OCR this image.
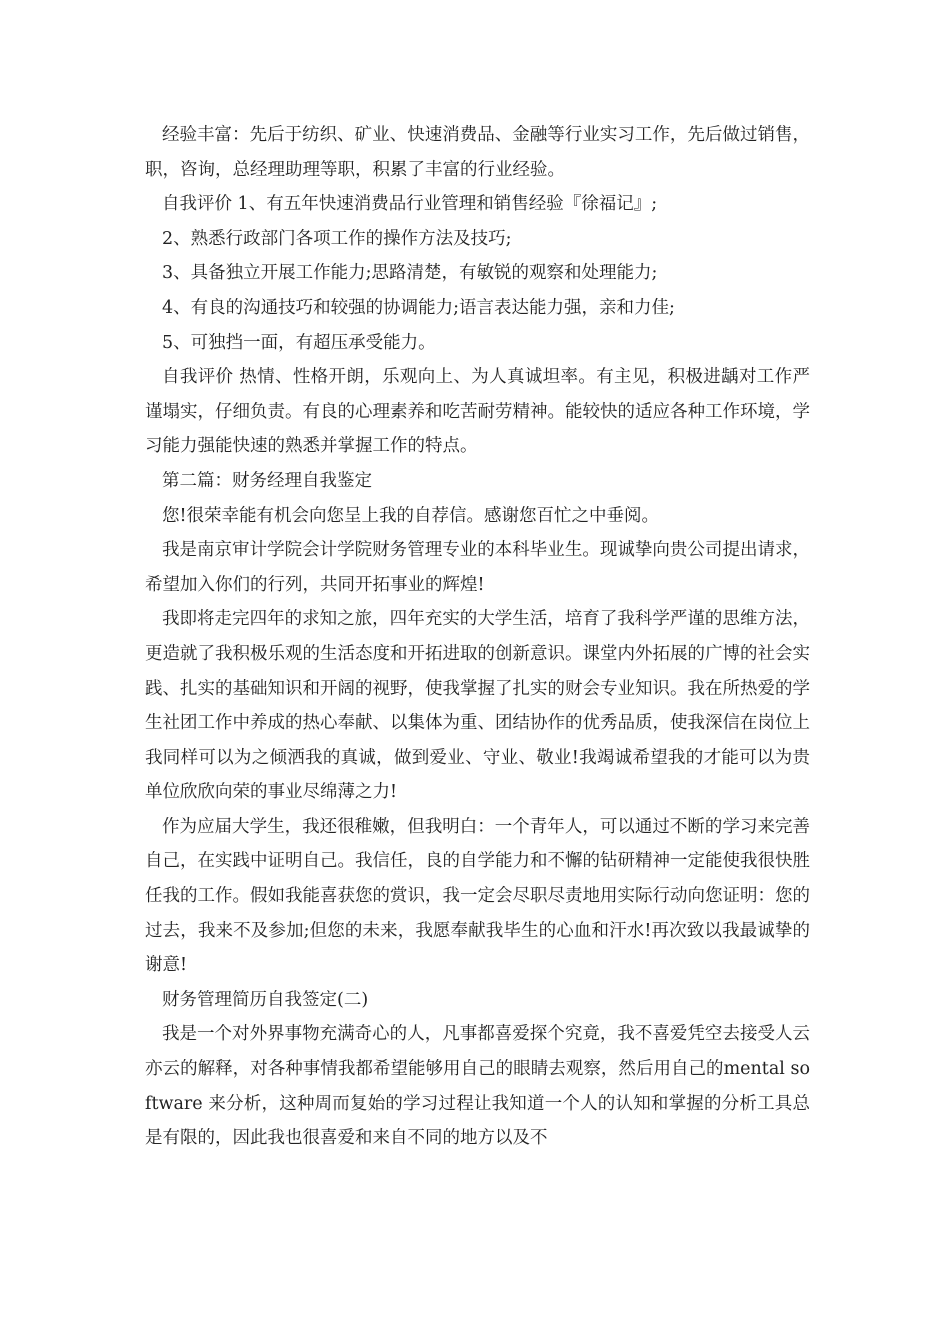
经验丰富：先后于纺织、矿业、快速消费品、金融等行业实习工作，先后做过销售，职，咨询，总经理助理等职，积累了丰富的行业经验。

自我评价 1、有五年快速消费品行业管理和销售经验『徐福记』;

2、熟悉行政部门各项工作的操作方法及技巧;

3、具备独立开展工作能力;思路清楚，有敏锐的观察和处理能力;

4、有良的沟通技巧和较强的协调能力;语言表达能力强，亲和力佳;

5、可独挡一面，有超压承受能力。

自我评价 热情、性格开朗，乐观向上、为人真诚坦率。有主见，积极进龋对工作严谨塌实，仔细负责。有良的心理素养和吃苦耐劳精神。能较快的适应各种工作环境，学习能力强能快速的熟悉并掌握工作的特点。

第二篇：财务经理自我鉴定

您!很荣幸能有机会向您呈上我的自荐信。感谢您百忙之中垂阅。

我是南京审计学院会计学院财务管理专业的本科毕业生。现诚挚向贵公司提出请求，希望加入你们的行列，共同开拓事业的辉煌!

我即将走完四年的求知之旅，四年充实的大学生活，培育了我科学严谨的思维方法，更造就了我积极乐观的生活态度和开拓进取的创新意识。课堂内外拓展的广博的社会实践、扎实的基础知识和开阔的视野，使我掌握了扎实的财会专业知识。我在所热爱的学生社团工作中养成的热心奉献、以集体为重、团结协作的优秀品质，使我深信在岗位上我同样可以为之倾洒我的真诚，做到爱业、守业、敬业!我竭诚希望我的才能可以为贵单位欣欣向荣的事业尽绵薄之力!

作为应届大学生，我还很稚嫩，但我明白：一个青年人，可以通过不断的学习来完善自己，在实践中证明自己。我信任，良的自学能力和不懈的钻研精神一定能使我很快胜任我的工作。假如我能喜获您的赏识，我一定会尽职尽责地用实际行动向您证明：您的过去，我来不及参加;但您的未来，我愿奉献我毕生的心血和汗水!再次致以我最诚挚的谢意!

财务管理简历自我签定(二)

我是一个对外界事物充满奇心的人，凡事都喜爱探个究竟，我不喜爱凭空去接受人云亦云的解释，对各种事情我都希望能够用自己的眼睛去观察，然后用自己的mental software 来分析，这种周而复始的学习过程让我知道一个人的认知和掌握的分析工具总是有限的，因此我也很喜爱和来自不同的地方以及不
